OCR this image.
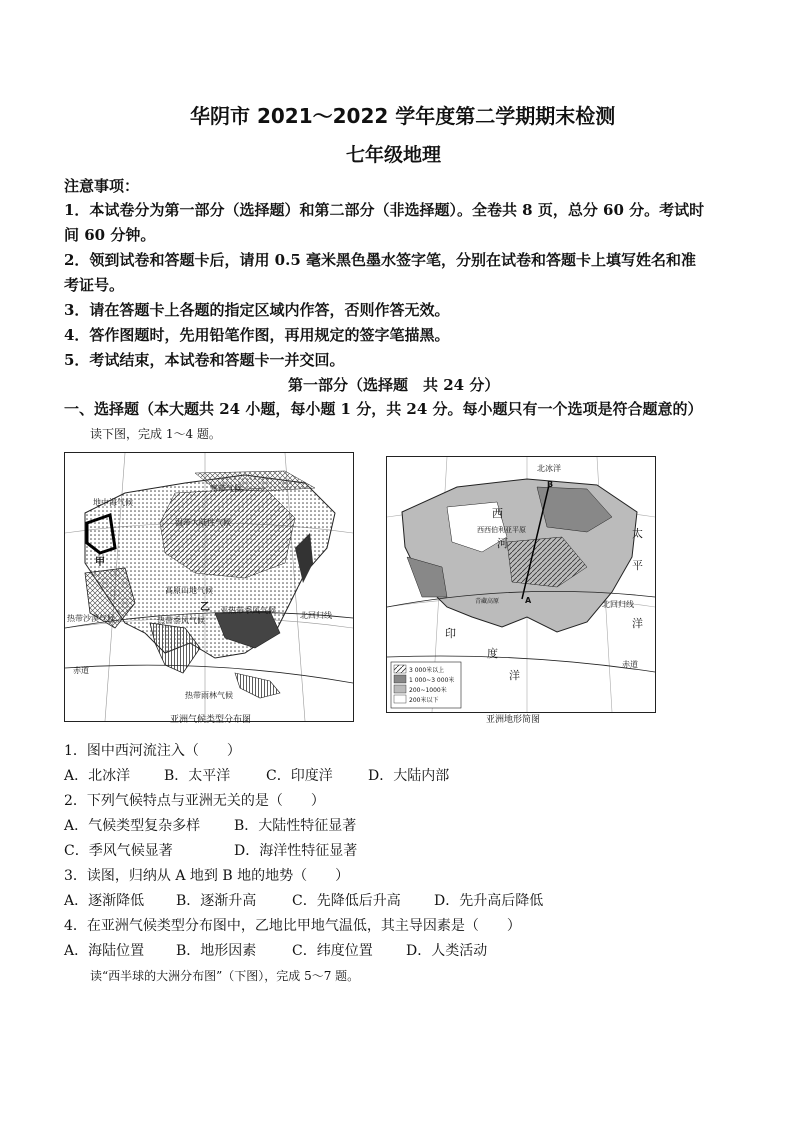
华阴市 2021～2022 学年度第二学期期末检测
七年级地理
注意事项：
1．本试卷分为第一部分（选择题）和第二部分（非选择题）。全卷共 8 页，总分 60 分。考试时
间 60 分钟。
2．领到试卷和答题卡后，请用 0.5 毫米黑色墨水签字笔，分别在试卷和答题卡上填写姓名和准
考证号。
3．请在答题卡上各题的指定区域内作答，否则作答无效。
4．答作图题时，先用铅笔作图，再用规定的签字笔描黑。
5．考试结束，本试卷和答题卡一并交回。
第一部分（选择题　共 24 分）
一、选择题（本大题共 24 小题，每小题 1 分，共 24 分。每小题只有一个选项是符合题意的）
读下图，完成 1～4 题。
寒带气候
地中海气候
温带大陆性气候
甲
乙
高原山地气候
亚热带季风气候
热带沙漠气候	热带季风气候
北回归线
赤道
热带雨林气候
亚洲气候类型分布图
北冰洋
B
A
西西伯利亚平原
西
河
太
平
洋
北回归线
青藏高原
印
度
洋
赤道
3 000米以上
1 000~3 000米
200~1000米
200米以下
亚洲地形简图
1．图中西河流注入（　　）
A．北冰洋 B．太平洋	C．印度洋	D．大陆内部
2．下列气候特点与亚洲无关的是（　　）
A．气候类型复杂多样 B．大陆性特征显著
C．季风气候显著	D．海洋性特征显著
3．读图，归纳从 A 地到 B 地的地势（　　）
A．逐渐降低 B．逐渐升高	C．先降低后升高 D．先升高后降低
4．在亚洲气候类型分布图中，乙地比甲地气温低，其主导因素是（　　）
A．海陆位置 B．地形因素	C．纬度位置 D．人类活动
读“西半球的大洲分布图”（下图），完成 5～7 题。
